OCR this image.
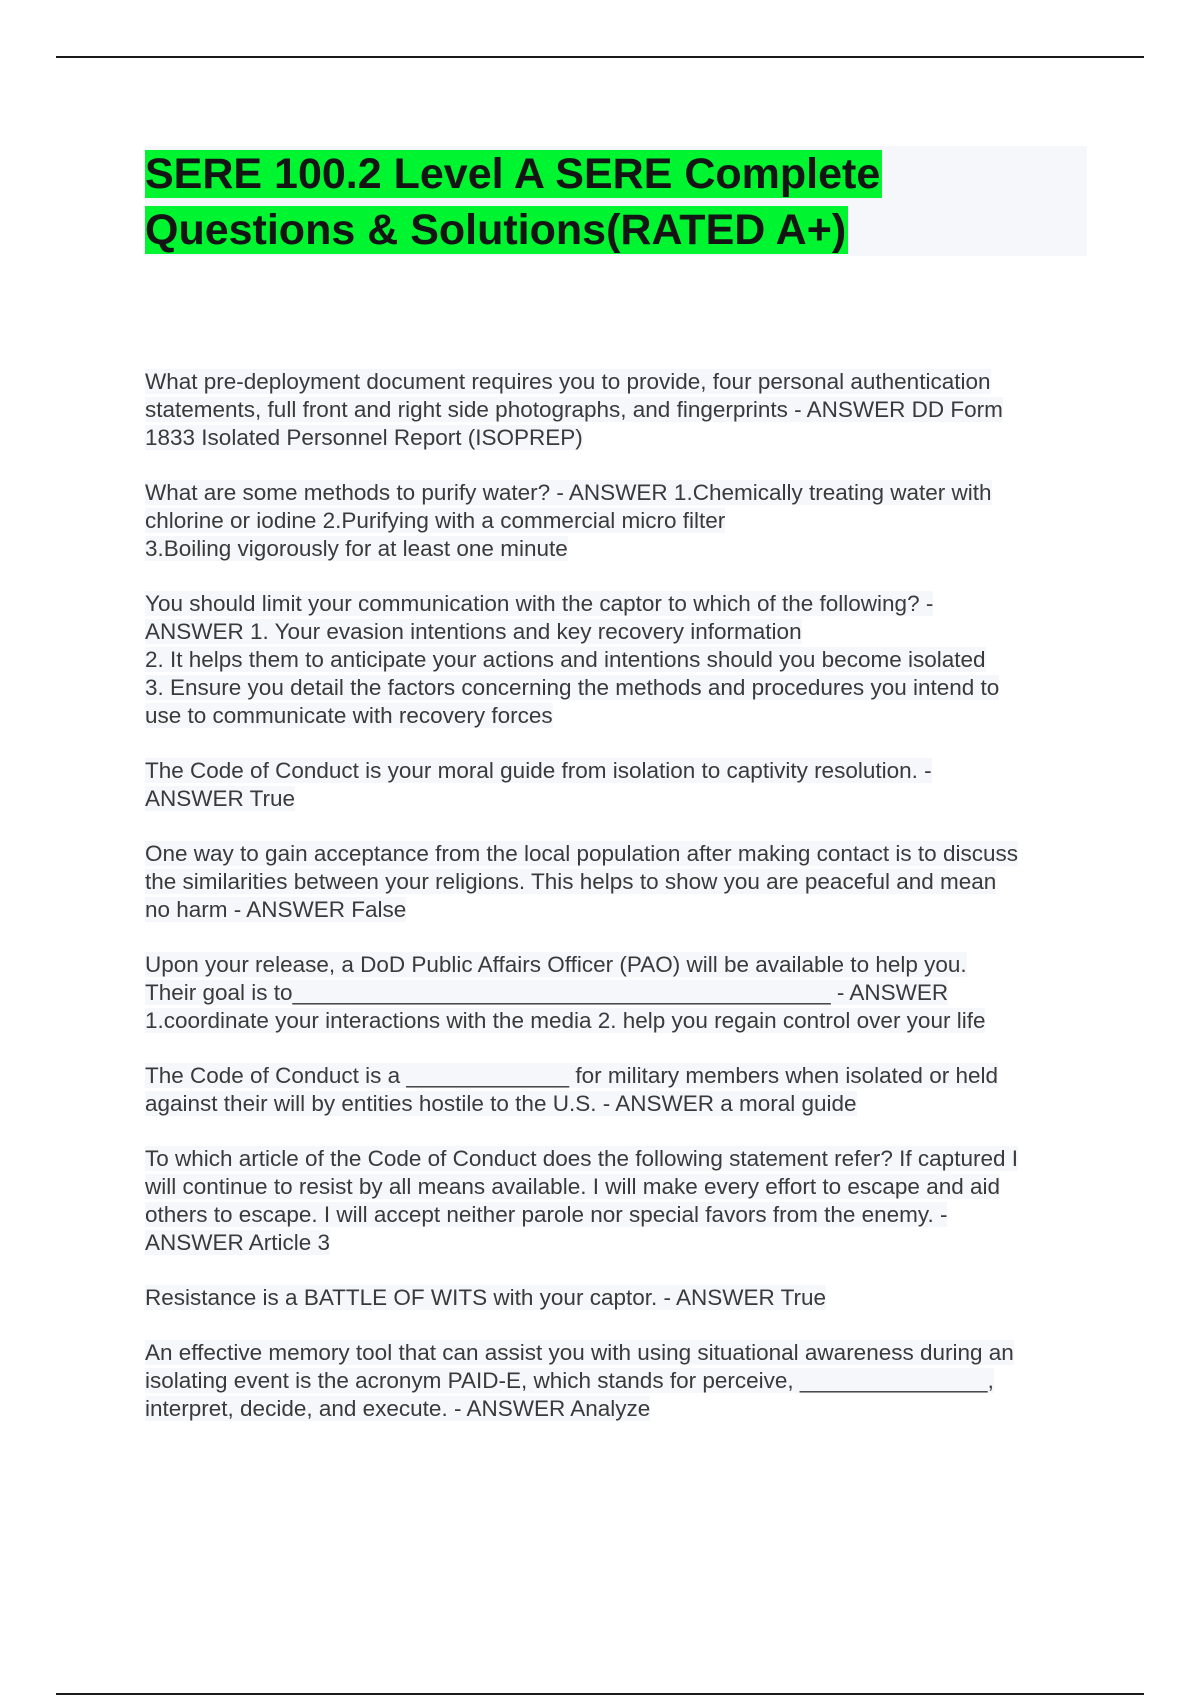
SERE 100.2 Level A SERE Complete
Questions & Solutions(RATED A+)

What pre-deployment document requires you to provide, four personal authentication
statements, full front and right side photographs, and fingerprints - ANSWER DD Form
1833 Isolated Personnel Report (ISOPREP)

What are some methods to purify water? - ANSWER 1.Chemically treating water with
chlorine or iodine 2.Purifying with a commercial micro filter
3.Boiling vigorously for at least one minute

You should limit your communication with the captor to which of the following? -
ANSWER 1. Your evasion intentions and key recovery information
2. It helps them to anticipate your actions and intentions should you become isolated
3. Ensure you detail the factors concerning the methods and procedures you intend to
use to communicate with recovery forces

The Code of Conduct is your moral guide from isolation to captivity resolution. -
ANSWER True

One way to gain acceptance from the local population after making contact is to discuss
the similarities between your religions. This helps to show you are peaceful and mean
no harm - ANSWER False

Upon your release, a DoD Public Affairs Officer (PAO) will be available to help you.
Their goal is to___________________________________________ - ANSWER
1.coordinate your interactions with the media 2. help you regain control over your life

The Code of Conduct is a _____________ for military members when isolated or held
against their will by entities hostile to the U.S. - ANSWER a moral guide

To which article of the Code of Conduct does the following statement refer? If captured I
will continue to resist by all means available. I will make every effort to escape and aid
others to escape. I will accept neither parole nor special favors from the enemy. -
ANSWER Article 3

Resistance is a BATTLE OF WITS with your captor. - ANSWER True

An effective memory tool that can assist you with using situational awareness during an
isolating event is the acronym PAID-E, which stands for perceive, _______________,
interpret, decide, and execute. - ANSWER Analyze
